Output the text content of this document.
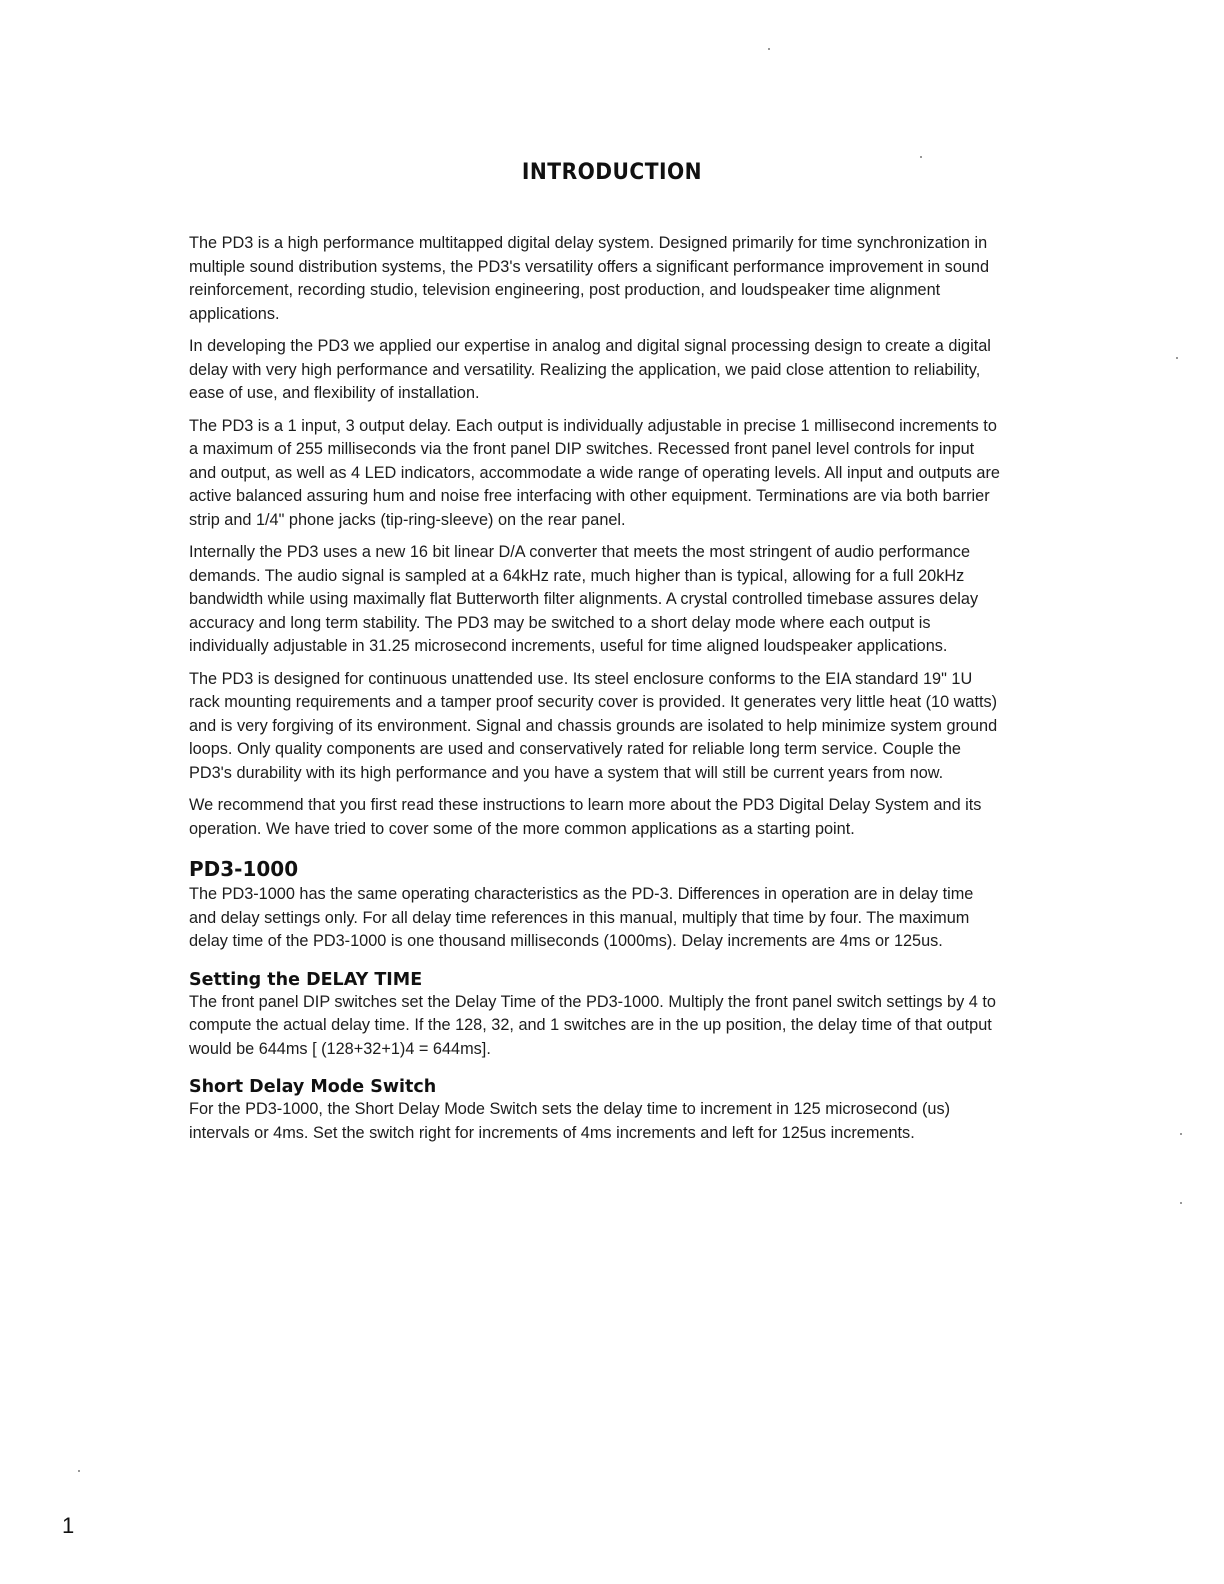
INTRODUCTION

The PD3 is a high performance multitapped digital delay system. Designed primarily for time synchronization in multiple sound distribution systems, the PD3's versatility offers a significant performance improvement in sound reinforcement, recording studio, television engineering, post production, and loudspeaker time alignment applications.

In developing the PD3 we applied our expertise in analog and digital signal processing design to create a digital delay with very high performance and versatility. Realizing the application, we paid close attention to reliability, ease of use, and flexibility of installation.

The PD3 is a 1 input, 3 output delay. Each output is individually adjustable in precise 1 millisecond increments to a maximum of 255 milliseconds via the front panel DIP switches. Recessed front panel level controls for input and output, as well as 4 LED indicators, accommodate a wide range of operating levels. All input and outputs are active balanced assuring hum and noise free interfacing with other equipment. Terminations are via both barrier strip and 1/4" phone jacks (tip-ring-sleeve) on the rear panel.

Internally the PD3 uses a new 16 bit linear D/A converter that meets the most stringent of audio performance demands. The audio signal is sampled at a 64kHz rate, much higher than is typical, allowing for a full 20kHz bandwidth while using maximally flat Butterworth filter alignments. A crystal controlled timebase assures delay accuracy and long term stability. The PD3 may be switched to a short delay mode where each output is individually adjustable in 31.25 microsecond increments, useful for time aligned loudspeaker applications.

The PD3 is designed for continuous unattended use. Its steel enclosure conforms to the EIA standard 19" 1U rack mounting requirements and a tamper proof security cover is provided. It generates very little heat (10 watts) and is very forgiving of its environment. Signal and chassis grounds are isolated to help minimize system ground loops. Only quality components are used and conservatively rated for reliable long term service. Couple the PD3's durability with its high performance and you have a system that will still be current years from now.

We recommend that you first read these instructions to learn more about the PD3 Digital Delay System and its operation. We have tried to cover some of the more common applications as a starting point.

PD3-1000

The PD3-1000 has the same operating characteristics as the PD-3. Differences in operation are in delay time and delay settings only. For all delay time references in this manual, multiply that time by four. The maximum delay time of the PD3-1000 is one thousand milliseconds (1000ms). Delay increments are 4ms or 125us.

Setting the DELAY TIME

The front panel DIP switches set the Delay Time of the PD3-1000. Multiply the front panel switch settings by 4 to compute the actual delay time. If the 128, 32, and 1 switches are in the up position, the delay time of that output would be 644ms [ (128+32+1)4 = 644ms].

Short Delay Mode Switch

For the PD3-1000, the Short Delay Mode Switch sets the delay time to increment in 125 microsecond (us) intervals or 4ms. Set the switch right for increments of 4ms increments and left for 125us increments.

1
